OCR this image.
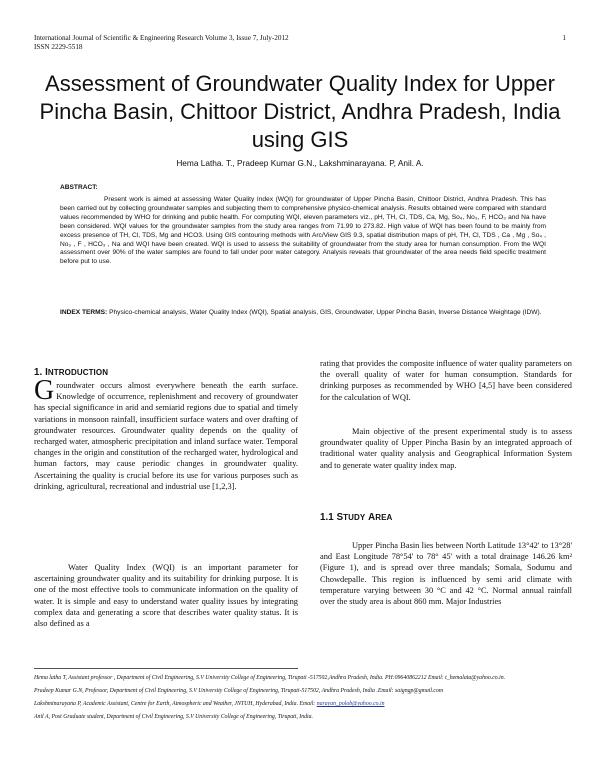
International Journal of Scientific & Engineering Research Volume 3, Issue 7, July-2012
ISSN 2229-5518
1
Assessment of Groundwater Quality Index for Upper Pincha Basin, Chittoor District, Andhra Pradesh, India using GIS
Hema Latha. T., Pradeep Kumar G.N., Lakshminarayana. P, Anil. A.
ABSTRACT:
Present work is aimed at assessing Water Quality Index (WQI) for groundwater of Upper Pincha Basin, Chittoor District, Andhra Pradesh. This has been carried out by collecting groundwater samples and subjecting them to comprehensive physico-chemical analysis. Results obtained were compared with standard values recommended by WHO for drinking and public health. For computing WQI, eleven parameters viz., pH, TH, Cl, TDS, Ca, Mg, So₄, No₃, F, HCO₃ and Na have been considered. WQI values for the groundwater samples from the study area ranges from 71.99 to 273.82. High value of WQI has been found to be mainly from excess presence of TH, Cl, TDS, Mg and HCO3. Using GIS contouring methods with Arc/View GIS 9.3, spatial distribution maps of pH, TH, Cl, TDS , Ca , Mg , So₄ , No₃ , F , HCO₃ , Na and WQI have been created. WQI is used to assess the suitability of groundwater from the study area for human consumption. From the WQI assessment over 90% of the water samples are found to fall under poor water category. Analysis reveals that groundwater of the area needs field specific treatment before put to use.
INDEX TERMS: Physico-chemical analysis, Water Quality Index (WQI), Spatial analysis, GIS, Groundwater, Upper Pincha Basin, Inverse Distance Weightage (IDW).
1. INTRODUCTION
Groundwater occurs almost everywhere beneath the earth surface. Knowledge of occurrence, replenishment and recovery of groundwater has special significance in arid and semiarid regions due to spatial and timely variations in monsoon rainfall, insufficient surface waters and over drafting of groundwater resources. Groundwater quality depends on the quality of recharged water, atmospheric precipitation and inland surface water. Temporal changes in the origin and constitution of the recharged water, hydrological and human factors, may cause periodic changes in groundwater quality. Ascertaining the quality is crucial before its use for various purposes such as drinking, agricultural, recreational and industrial use [1,2,3].
Water Quality Index (WQI) is an important parameter for ascertaining groundwater quality and its suitability for drinking purpose. It is one of the most effective tools to communicate information on the quality of water. It is simple and easy to understand water quality issues by integrating complex data and generating a score that describes water quality status. It is also defined as a
rating that provides the composite influence of water quality parameters on the overall quality of water for human consumption. Standards for drinking purposes as recommended by WHO [4,5] have been considered for the calculation of WQI.
Main objective of the present experimental study is to assess groundwater quality of Upper Pincha Basin by an integrated approach of traditional water quality analysis and Geographical Information System and to generate water quality index map.
1.1 STUDY AREA
Upper Pincha Basin lies between North Latitude 13°42' to 13°28' and East Longitude 78°54' to 78° 45' with a total drainage 146.26 km² (Figure 1), and is spread over three mandals; Somala, Sodumu and Chowdepalle. This region is influenced by semi arid climate with temperature varying between 30 °C and 42 °C. Normal annual rainfall over the study area is about 860 mm. Major Industries

Hema latha T, Assistant professor , Department of Civil Engineering, S.V University College of Engineering, Tirupati -517502,Andhra Pradesh, India. PH:09640862212 Email: t_hemalata@yahoo.co.in.

Pradeep Kumar G.N, Professor, Department of Civil Engineering, S.V University College of Engineering, Tirupati-517502, Andhra Pradesh, India .Email: saigngp@gmail.com

Lakshminarayana P, Academic Assistant, Centre for Earth, Atmospheric and Weather, JNTUH, Hyderabad, India. Email: narayan_polob@yahoo.co.in

Anil A, Post Graduate student, Department of Civil Engineering, S.V University College of Engineering, Tirupati, India.
